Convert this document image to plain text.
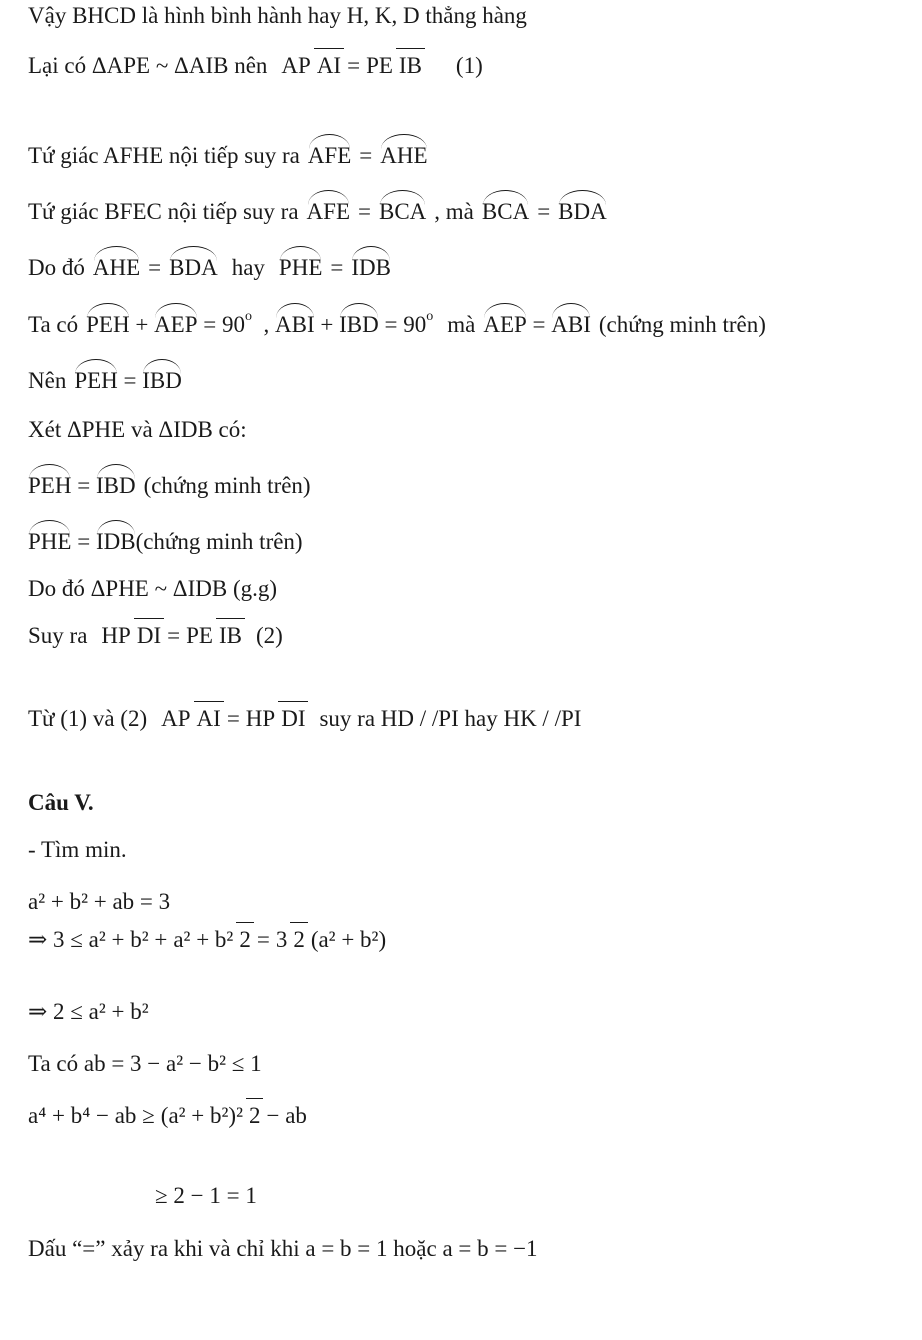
Vậy BHCD là hình bình hành hay H, K, D thẳng hàng
Lại có ΔAPE ~ ΔAIB nên AP AI = PE IB (1)
Tứ giác AFHE nội tiếp suy ra AFE = AHE
Tứ giác BFEC nội tiếp suy ra AFE = BCA , mà BCA = BDA
Do đó AHE = BDA hay PHE = IDB
Ta có PEH + AEP = $90^o$ , ABI + IBD = $90^o$ mà AEP = ABI (chứng minh trên)
Nên PEH = IBD
Xét ΔPHE và ΔIDB có:
PEH = IBD (chứng minh trên)
PHE = IDB (chứng minh trên)
Do đó ΔPHE ~ ΔIDB (g.g)
Suy ra HP DI = PE IB (2)
Từ (1) và (2) AP AI = HP DI suy ra HD / /PI hay HK / /PI
Câu V.
- Tìm min.
a² + b² + ab = 3
⇒ 3 ≤ a² + b² + a² + b² 2 = 3 2 (a² + b²)
⇒ 2 ≤ a² + b²
Ta có ab = 3 − a² − b² ≤ 1
a⁴ + b⁴ − ab ≥ (a² + b²)² 2 − ab
≥ 2 − 1 = 1
Dấu “=” xảy ra khi và chỉ khi a = b = 1 hoặc a = b = −1
